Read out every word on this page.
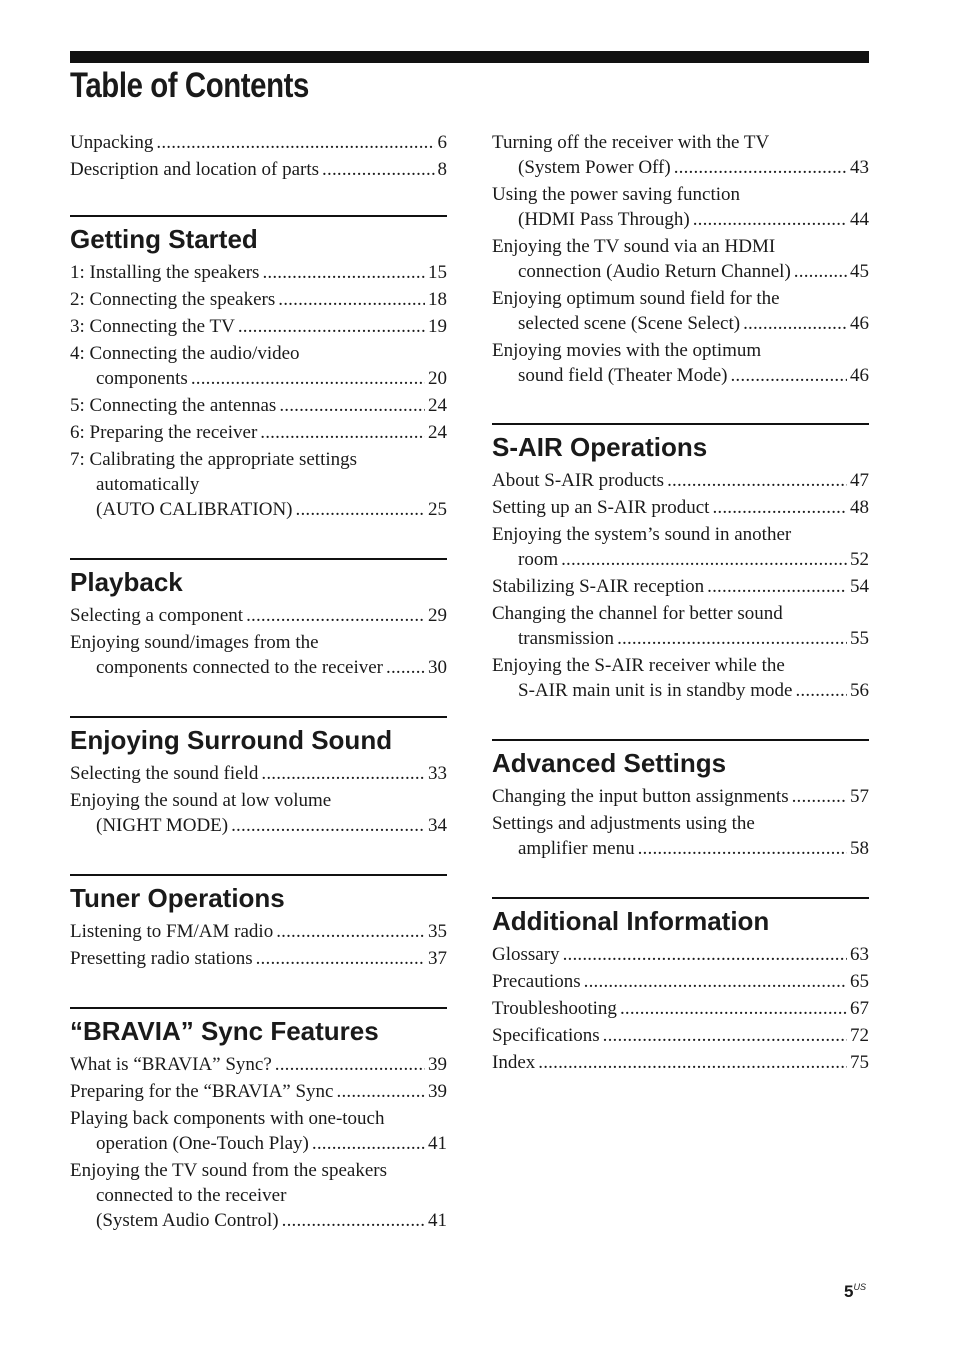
Table of Contents
Unpacking .....	6
Description and location of parts .....	8
Getting Started
1: Installing the speakers .....	15
2: Connecting the speakers .....	18
3: Connecting the TV .....	19
4: Connecting the audio/video
components .....	20
5: Connecting the antennas .....	24
6: Preparing the receiver .....	24
7: Calibrating the appropriate settings
automatically
(AUTO CALIBRATION) .....	25
Playback
Selecting a component .....	29
Enjoying sound/images from the
components connected to the receiver ..... 30
Enjoying Surround Sound
Selecting the sound field .....	33
Enjoying the sound at low volume
(NIGHT MODE) .....	34
Tuner Operations
Listening to FM/AM radio .....	35
Presetting radio stations .....	37
“BRAVIA” Sync Features
What is “BRAVIA” Sync? .....	39
Preparing for the “BRAVIA” Sync .....	39
Playing back components with one-touch
operation (One-Touch Play) .....	41
Enjoying the TV sound from the speakers
connected to the receiver
(System Audio Control) .....	41
Turning off the receiver with the TV
(System Power Off) .....	43
Using the power saving function
(HDMI Pass Through) .....	44
Enjoying the TV sound via an HDMI
connection (Audio Return Channel) .....	45
Enjoying optimum sound field for the
selected scene (Scene Select) .....	46
Enjoying movies with the optimum
sound field (Theater Mode) .....	46
S-AIR Operations
About S-AIR products .....	47
Setting up an S-AIR product .....	48
Enjoying the system’s sound in another
room .....	52
Stabilizing S-AIR reception .....	54
Changing the channel for better sound
transmission .....	55
Enjoying the S-AIR receiver while the
S-AIR main unit is in standby mode .....	56
Advanced Settings
Changing the input button assignments .....	57
Settings and adjustments using the
amplifier menu .....	58
Additional Information
Glossary .....	63
Precautions .....	65
Troubleshooting .....	67
Specifications .....	72
Index .....	75
$5^{US}$
